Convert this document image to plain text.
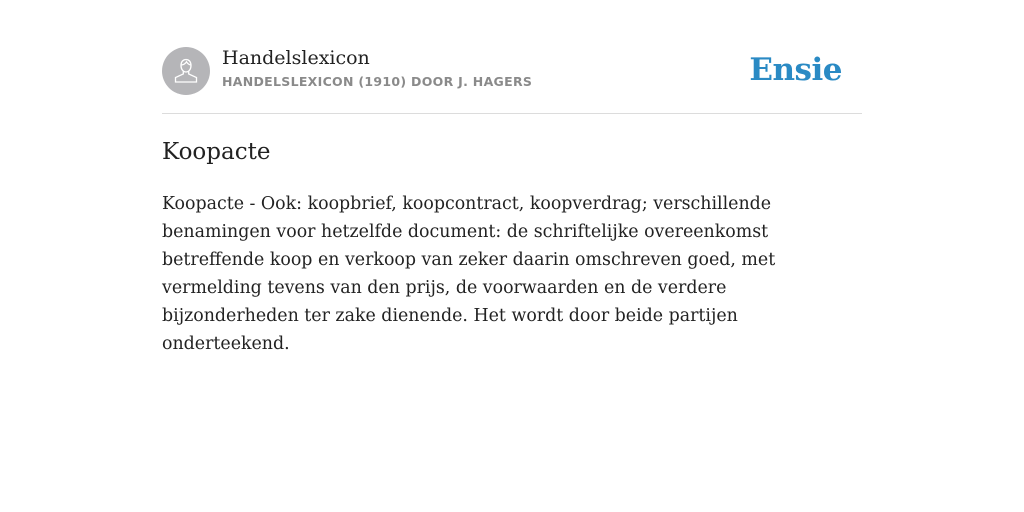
Handelslexicon
HANDELSLEXICON (1910) DOOR J. HAGERS	Ensie
Koopacte

Koopacte - Ook: koopbrief, koopcontract, koopverdrag; verschillende benamingen voor hetzelfde document: de schriftelijke overeenkomst betreffende koop en verkoop van zeker daarin omschreven goed, met vermelding tevens van den prijs, de voorwaarden en de verdere bijzonderheden ter zake dienende. Het wordt door beide partijen onderteekend.
